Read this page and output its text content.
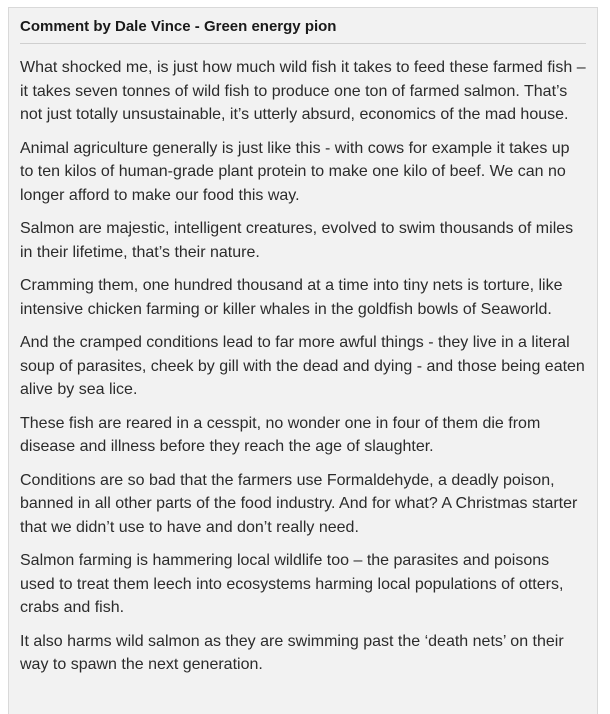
Comment by Dale Vince - Green energy pion

What shocked me, is just how much wild fish it takes to feed these farmed fish – it takes seven tonnes of wild fish to produce one ton of farmed salmon. That’s not just totally unsustainable, it’s utterly absurd, economics of the mad house.

Animal agriculture generally is just like this - with cows for example it takes up to ten kilos of human-grade plant protein to make one kilo of beef. We can no longer afford to make our food this way.

Salmon are majestic, intelligent creatures, evolved to swim thousands of miles in their lifetime, that’s their nature.

Cramming them, one hundred thousand at a time into tiny nets is torture, like intensive chicken farming or killer whales in the goldfish bowls of Seaworld.

And the cramped conditions lead to far more awful things - they live in a literal soup of parasites, cheek by gill with the dead and dying - and those being eaten alive by sea lice.

These fish are reared in a cesspit, no wonder one in four of them die from disease and illness before they reach the age of slaughter.

Conditions are so bad that the farmers use Formaldehyde, a deadly poison, banned in all other parts of the food industry. And for what? A Christmas starter that we didn’t use to have and don’t really need.

Salmon farming is hammering local wildlife too – the parasites and poisons used to treat them leech into ecosystems harming local populations of otters, crabs and fish.

It also harms wild salmon as they are swimming past the ‘death nets’ on their way to spawn the next generation.
